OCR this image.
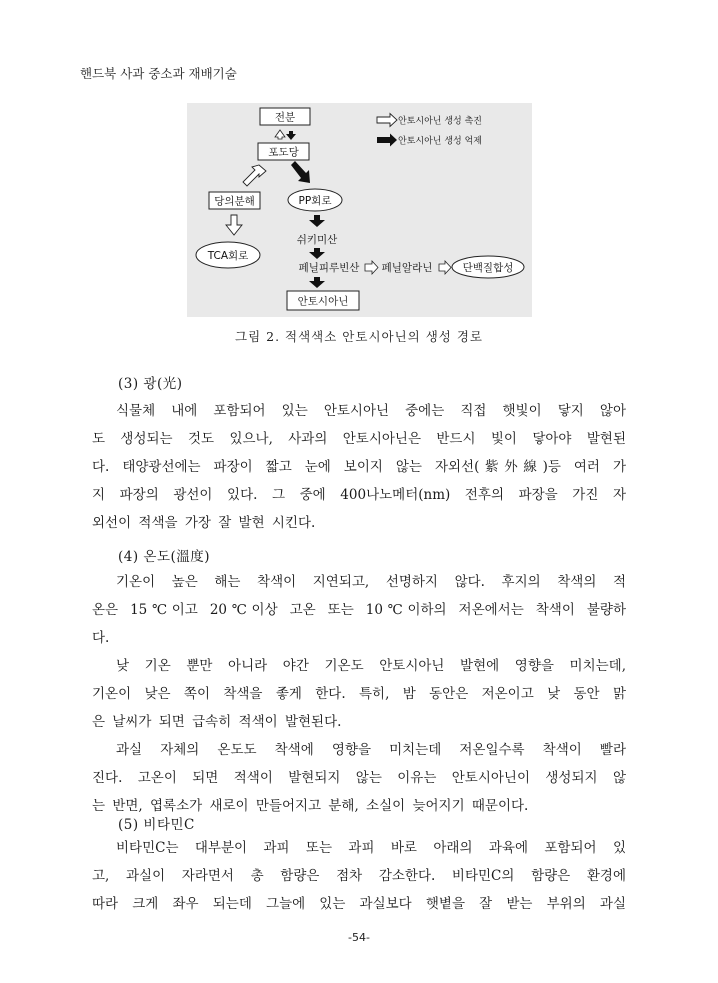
핸드북 사과 중소과 재배기술
전분
포도당
당의분해	PP회로
TCA회로
쉬키미산
페닐피루빈산 페닐알라닌	단백질합성
안토시아닌
안토시아닌 생성 촉진
안토시아닌 생성 억제
그림 2. 적색색소 안토시아닌의 생성 경로
(3) 광(光)
식물체 내에 포함되어 있는 안토시아닌 중에는 직접 햇빛이 닿지 않아
도 생성되는 것도 있으나, 사과의 안토시아닌은 반드시 빛이 닿아야 발현된
다. 태양광선에는 파장이 짧고 눈에 보이지 않는 자외선(紫外線)등 여러 가
지 파장의 광선이 있다. 그 중에 400나노메터(nm) 전후의 파장을 가진 자
외선이 적색을 가장 잘 발현 시킨다.
(4) 온도(溫度)
기온이 높은 해는 착색이 지연되고, 선명하지 않다. 후지의 착색의 적
온은 15℃이고 20℃이상 고온 또는 10℃이하의 저온에서는 착색이 불량하
다.
낮 기온 뿐만 아니라 야간 기온도 안토시아닌 발현에 영향을 미치는데,
기온이 낮은 쪽이 착색을 좋게 한다. 특히, 밤 동안은 저온이고 낮 동안 맑
은 날씨가 되면 급속히 적색이 발현된다.
과실 자체의 온도도 착색에 영향을 미치는데 저온일수록 착색이 빨라
진다. 고온이 되면 적색이 발현되지 않는 이유는 안토시아닌이 생성되지 않
는 반면, 엽록소가 새로이 만들어지고 분해, 소실이 늦어지기 때문이다.
(5) 비타민C
비타민C는 대부분이 과피 또는 과피 바로 아래의 과육에 포함되어 있
고, 과실이 자라면서 총 함량은 점차 감소한다. 비타민C의 함량은 환경에
따라 크게 좌우 되는데 그늘에 있는 과실보다 햇볕을 잘 받는 부위의 과실
-54-
